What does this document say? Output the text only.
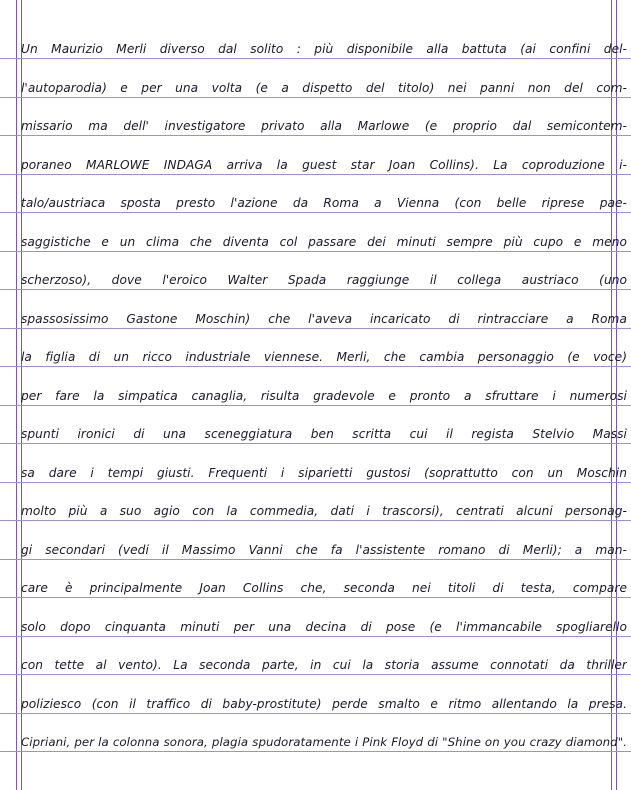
Un Maurizio Merli diverso dal solito : più disponibile alla battuta (ai confini del-
l'autoparodia) e per una volta (e a dispetto del titolo) nei panni non del com-
missario ma dell' investigatore privato alla Marlowe (e proprio dal semicontem-
poraneo MARLOWE INDAGA arriva la guest star Joan Collins). La coproduzione i-
talo/austriaca sposta presto l'azione da Roma a Vienna (con belle riprese pae-
saggistiche e un clima che diventa col passare dei minuti sempre più cupo e meno
scherzoso), dove l'eroico Walter Spada raggiunge il collega austriaco (uno
spassosissimo Gastone Moschin) che l'aveva incaricato di rintracciare a Roma
la figlia di un ricco industriale viennese. Merli, che cambia personaggio (e voce)
per fare la simpatica canaglia, risulta gradevole e pronto a sfruttare i numerosi
spunti ironici di una sceneggiatura ben scritta cui il regista Stelvio Massi
sa dare i tempi giusti. Frequenti i siparietti gustosi (soprattutto con un Moschin
molto più a suo agio con la commedia, dati i trascorsi), centrati alcuni personag-
gi secondari (vedi il Massimo Vanni che fa l'assistente romano di Merli); a man-
care è principalmente Joan Collins che, seconda nei titoli di testa, compare
solo dopo cinquanta minuti per una decina di pose (e l'immancabile spogliarello
con tette al vento). La seconda parte, in cui la storia assume connotati da thriller
poliziesco (con il traffico di baby-prostitute) perde smalto e ritmo allentando la presa.
Cipriani, per la colonna sonora, plagia spudoratamente i Pink Floyd di "Shine on you crazy diamond".
